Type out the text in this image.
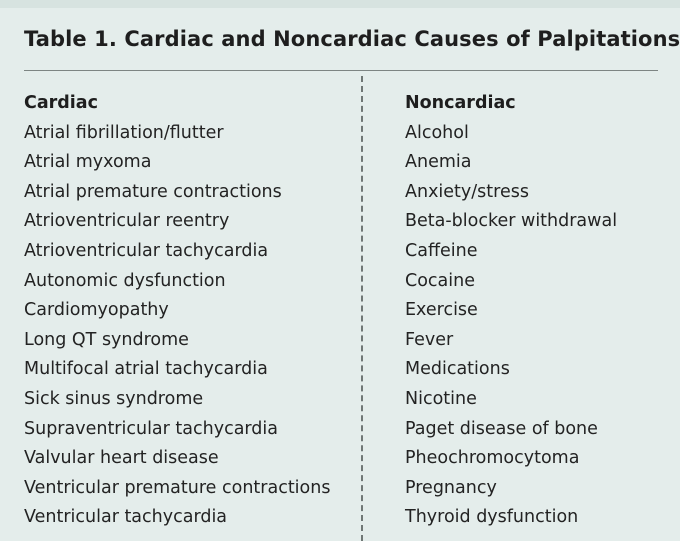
Table 1. Cardiac and Noncardiac Causes of Palpitations
Cardiac
Atrial fibrillation/flutter
Atrial myxoma
Atrial premature contractions
Atrioventricular reentry
Atrioventricular tachycardia
Autonomic dysfunction
Cardiomyopathy
Long QT syndrome
Multifocal atrial tachycardia
Sick sinus syndrome
Supraventricular tachycardia
Valvular heart disease
Ventricular premature contractions
Ventricular tachycardia
Noncardiac
Alcohol
Anemia
Anxiety/stress
Beta-blocker withdrawal
Caffeine
Cocaine
Exercise
Fever
Medications
Nicotine
Paget disease of bone
Pheochromocytoma
Pregnancy
Thyroid dysfunction
